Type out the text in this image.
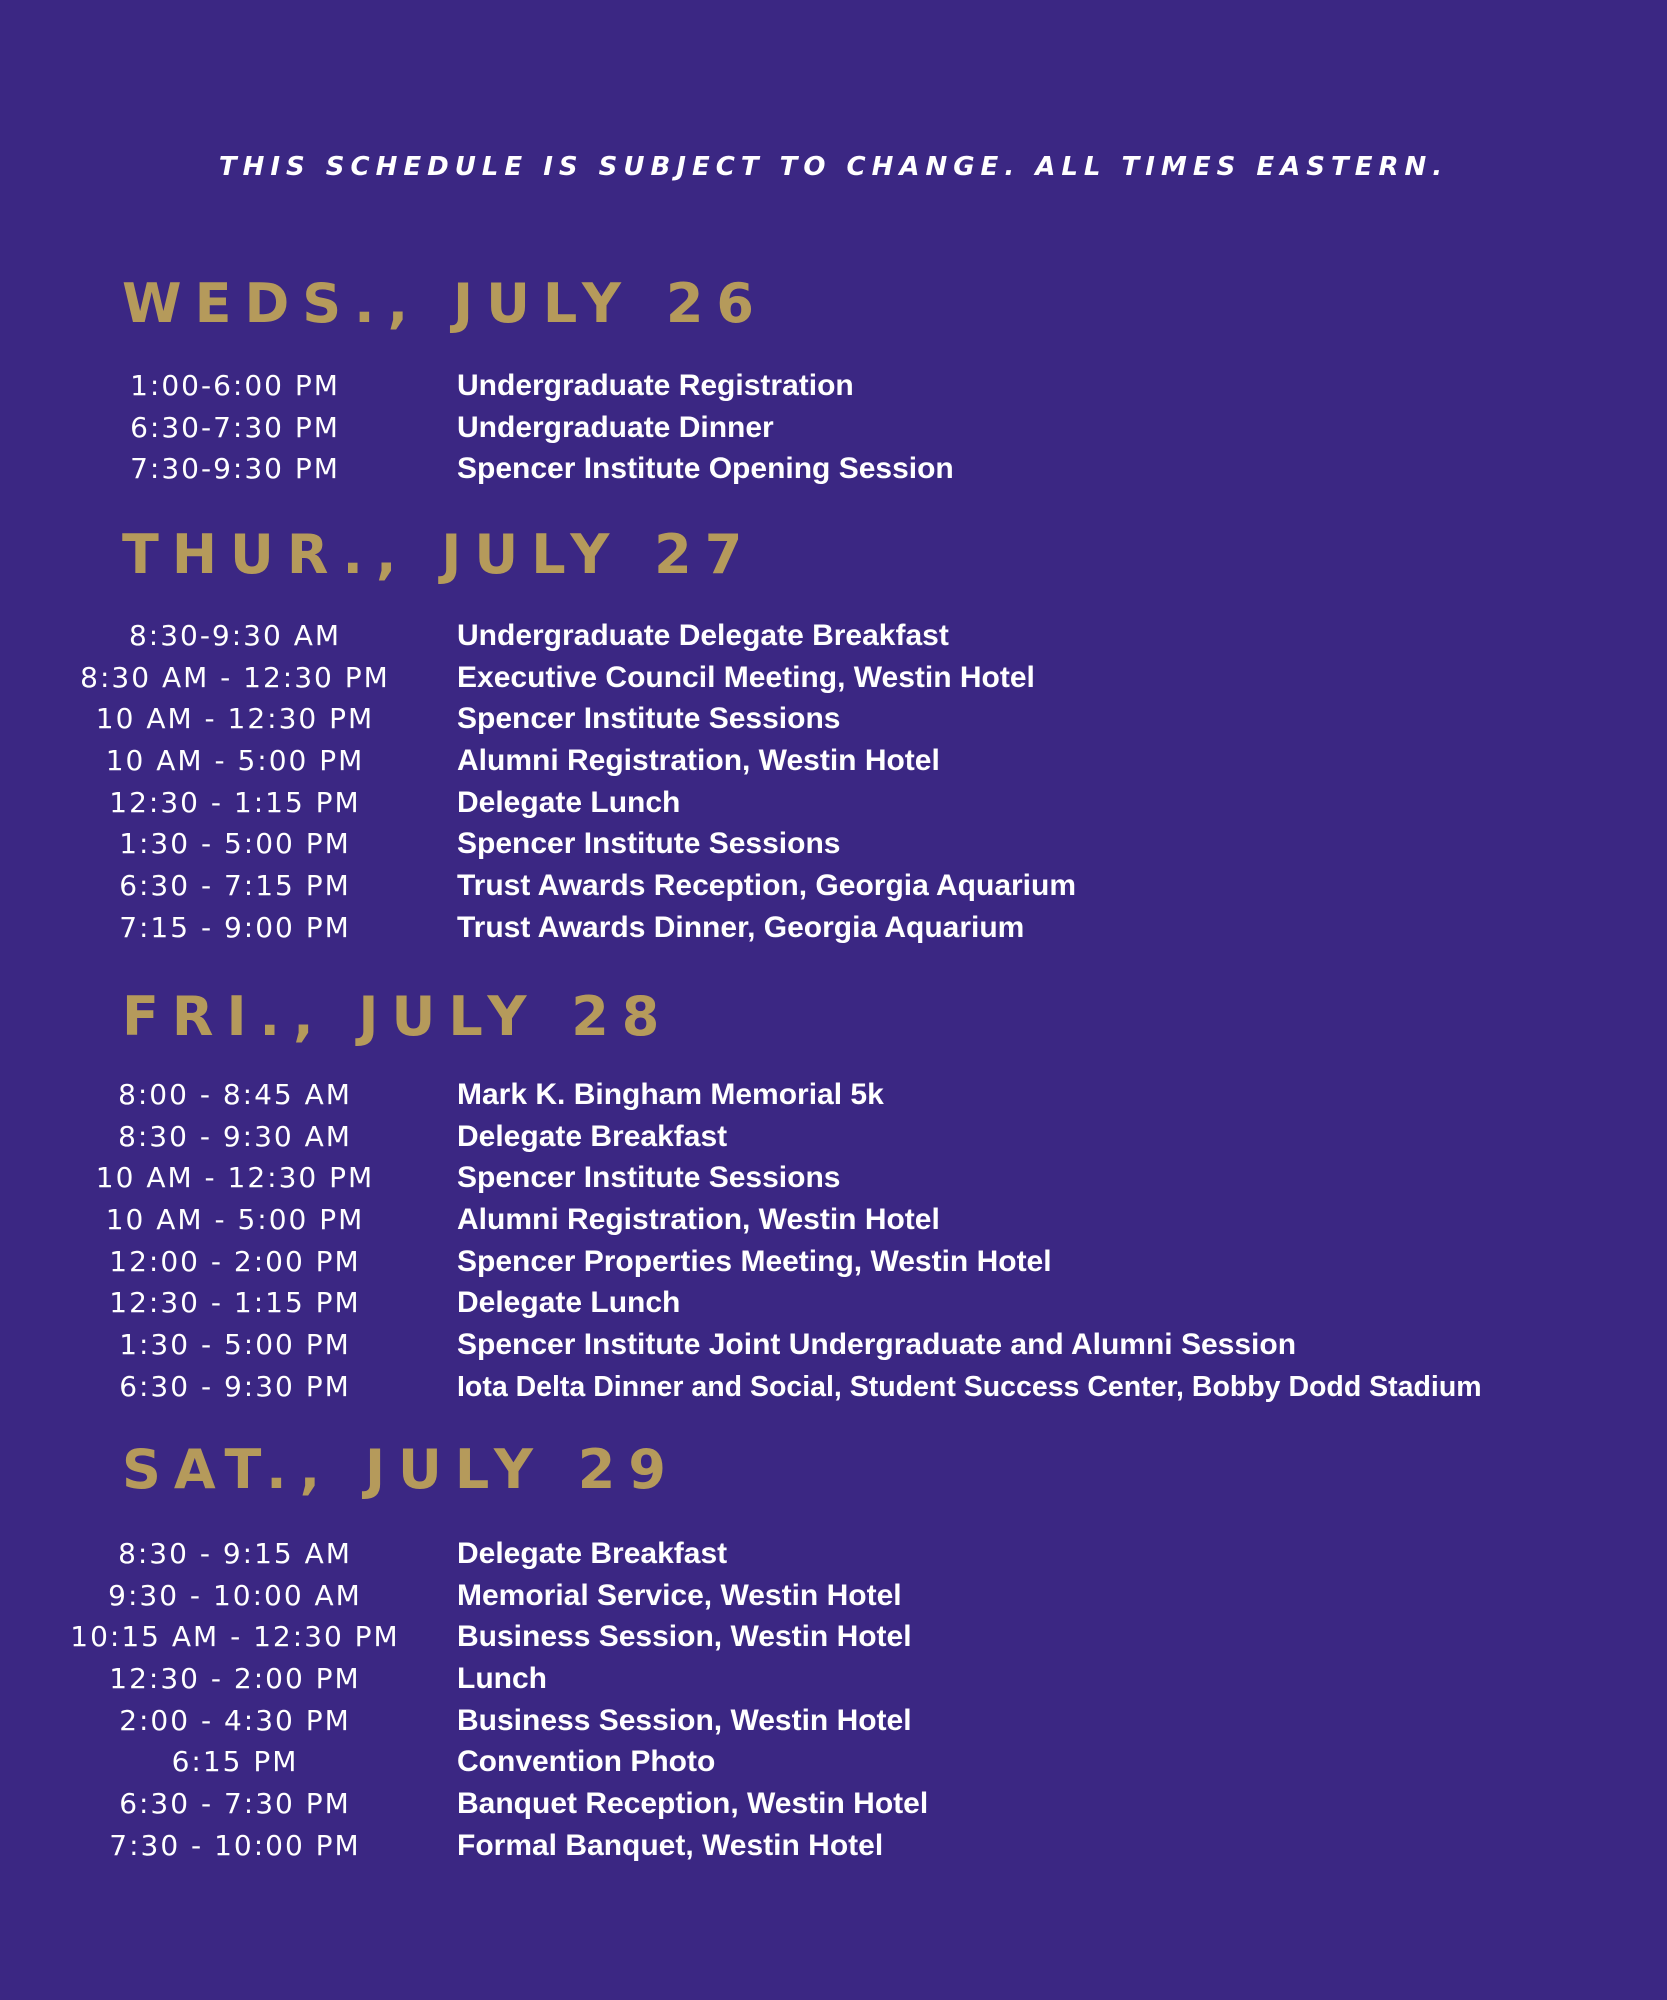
THIS SCHEDULE IS SUBJECT TO CHANGE. ALL TIMES EASTERN.
WEDS., JULY 26
1:00-6:00 PM	Undergraduate Registration
6:30-7:30 PM	Undergraduate Dinner
7:30-9:30 PM	Spencer Institute Opening Session
THUR., JULY 27
8:30-9:30 AM	Undergraduate Delegate Breakfast
8:30 AM - 12:30 PM	Executive Council Meeting, Westin Hotel
10 AM - 12:30 PM	Spencer Institute Sessions
10 AM - 5:00 PM	Alumni Registration, Westin Hotel
12:30 - 1:15 PM	Delegate Lunch
1:30 - 5:00 PM	Spencer Institute Sessions
6:30 - 7:15 PM	Trust Awards Reception, Georgia Aquarium
7:15 - 9:00 PM	Trust Awards Dinner, Georgia Aquarium
FRI., JULY 28
8:00 - 8:45 AM	Mark K. Bingham Memorial 5k
8:30 - 9:30 AM	Delegate Breakfast
10 AM - 12:30 PM	Spencer Institute Sessions
10 AM - 5:00 PM	Alumni Registration, Westin Hotel
12:00 - 2:00 PM	Spencer Properties Meeting, Westin Hotel
12:30 - 1:15 PM	Delegate Lunch
1:30 - 5:00 PM	Spencer Institute Joint Undergraduate and Alumni Session
6:30 - 9:30 PM	Iota Delta Dinner and Social, Student Success Center, Bobby Dodd Stadium
SAT., JULY 29
8:30 - 9:15 AM	Delegate Breakfast
9:30 - 10:00 AM	Memorial Service, Westin Hotel
10:15 AM - 12:30 PM	Business Session, Westin Hotel
12:30 - 2:00 PM	Lunch
2:00 - 4:30 PM	Business Session, Westin Hotel
6:15 PM	Convention Photo
6:30 - 7:30 PM	Banquet Reception, Westin Hotel
7:30 - 10:00 PM	Formal Banquet, Westin Hotel
